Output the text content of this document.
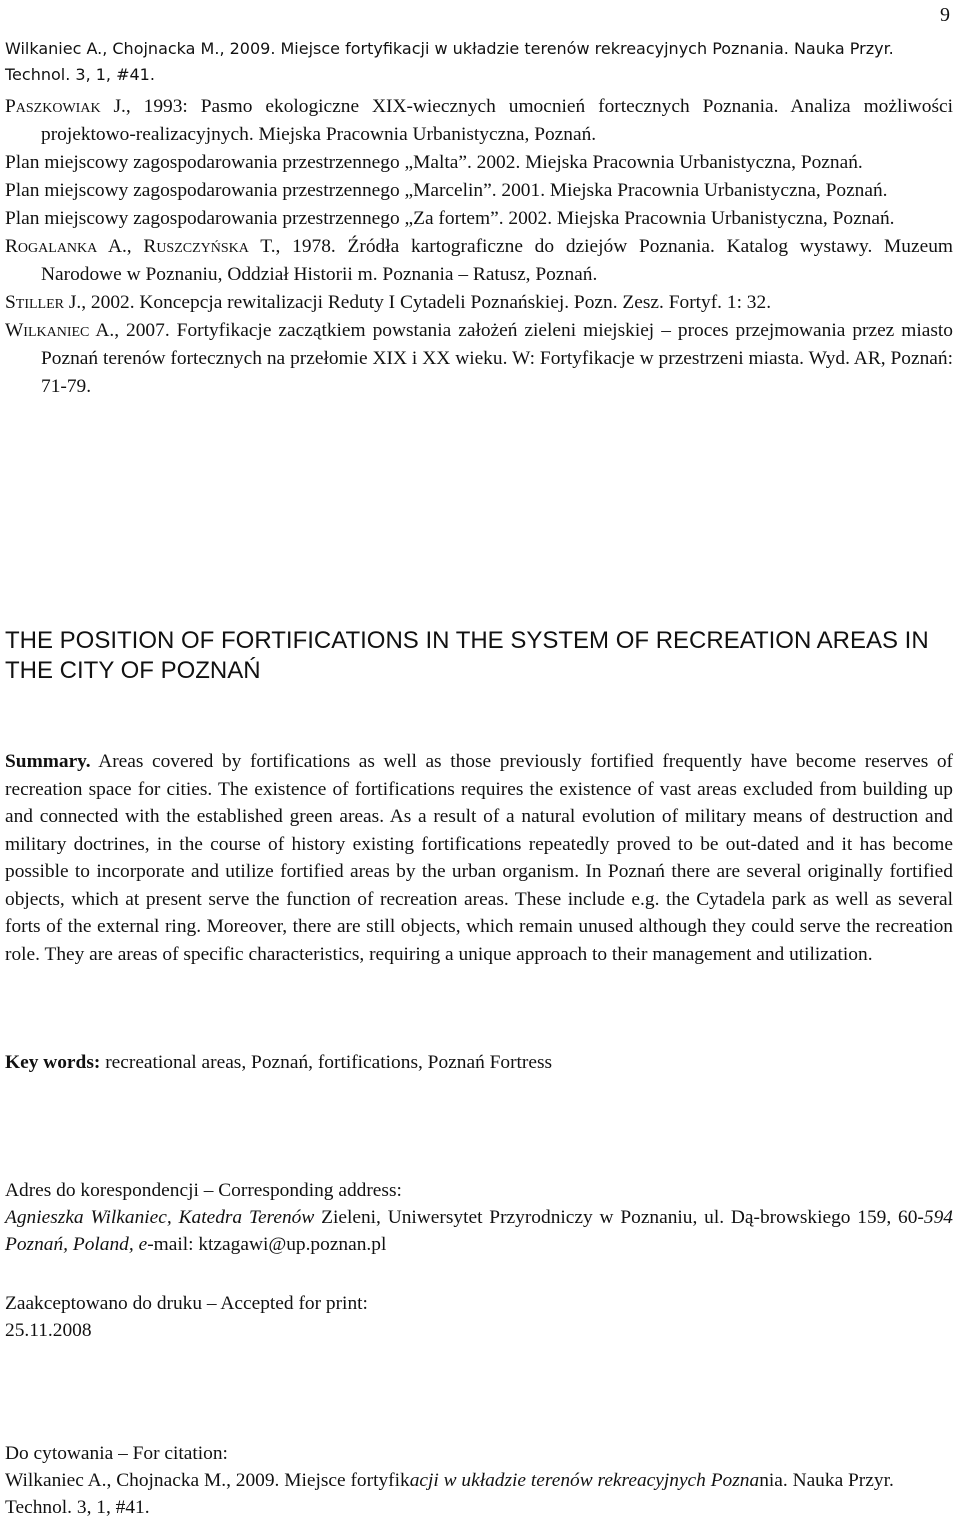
9
Wilkaniec A., Chojnacka M., 2009. Miejsce fortyfikacji w układzie terenów rekreacyjnych Poznania. Nauka Przyr. Technol. 3, 1, #41.
Paszkowiak J., 1993: Pasmo ekologiczne XIX-wiecznych umocnień fortecznych Poznania. Analiza możliwości projektowo-realizacyjnych. Miejska Pracownia Urbanistyczna, Poznań.
Plan miejscowy zagospodarowania przestrzennego „Malta”. 2002. Miejska Pracownia Urbanistyczna, Poznań.
Plan miejscowy zagospodarowania przestrzennego „Marcelin”. 2001. Miejska Pracownia Urbanistyczna, Poznań.
Plan miejscowy zagospodarowania przestrzennego „Za fortem”. 2002. Miejska Pracownia Urbanistyczna, Poznań.
Rogalanka A., Ruszczyńska T., 1978. Źródła kartograficzne do dziejów Poznania. Katalog wystawy. Muzeum Narodowe w Poznaniu, Oddział Historii m. Poznania – Ratusz, Poznań.
Stiller J., 2002. Koncepcja rewitalizacji Reduty I Cytadeli Poznańskiej. Pozn. Zesz. Fortyf. 1: 32.
Wilkaniec A., 2007. Fortyfikacje zaczątkiem powstania założeń zieleni miejskiej – proces przejmowania przez miasto Poznań terenów fortecznych na przełomie XIX i XX wieku. W: Fortyfikacje w przestrzeni miasta. Wyd. AR, Poznań: 71-79.
THE POSITION OF FORTIFICATIONS IN THE SYSTEM OF RECREATION AREAS IN THE CITY OF POZNAŃ
Summary. Areas covered by fortifications as well as those previously fortified frequently have become reserves of recreation space for cities. The existence of fortifications requires the existence of vast areas excluded from building up and connected with the established green areas. As a result of a natural evolution of military means of destruction and military doctrines, in the course of history existing fortifications repeatedly proved to be out-dated and it has become possible to incorporate and utilize fortified areas by the urban organism. In Poznań there are several originally fortified objects, which at present serve the function of recreation areas. These include e.g. the Cytadela park as well as several forts of the external ring. Moreover, there are still objects, which remain unused although they could serve the recreation role. They are areas of specific characteristics, requiring a unique approach to their management and utilization.
Key words: recreational areas, Poznań, fortifications, Poznań Fortress
Adres do korespondencji – Corresponding address:
Agnieszka Wilkaniec, Katedra Terenów Zieleni, Uniwersytet Przyrodniczy w Poznaniu, ul. Dą-browskiego 159, 60-594 Poznań, Poland, e-mail: ktzagawi@up.poznan.pl
Zaakceptowano do druku – Accepted for print:
25.11.2008
Do cytowania – For citation:
Wilkaniec A., Chojnacka M., 2009. Miejsce fortyfikacji w układzie terenów rekreacyjnych Poznania. Nauka Przyr. Technol. 3, 1, #41.
